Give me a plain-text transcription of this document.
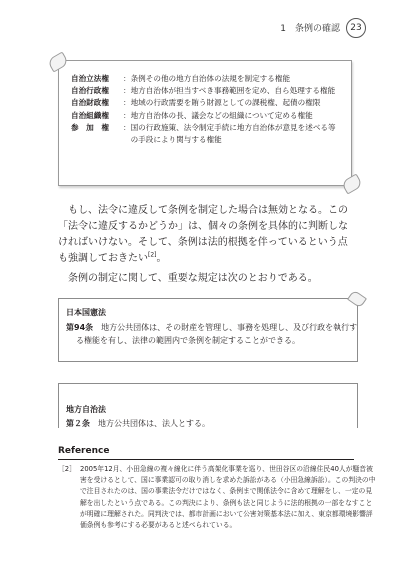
1　条例の確認	23
自治立法権	： 条例その他の地方自治体の法規を制定する権能
自治行政権	： 地方自治体が担当すべき事務範囲を定め、自ら処理する権能
自治財政権	： 地域の行政需要を賄う財源としての課税権、起債の権限
自治組織権	： 地方自治体の長、議会などの組織について定める権能
参　加　権	： 国の行政施策、法令制定手続に地方自治体が意見を述べる等の手段により関与する権能

もし、法令に違反して条例を制定した場合は無効となる。この「法令に違反するかどうか」は、個々の条例を具体的に判断しなければいけない。そして、条例は法的根拠を伴っているという点も強調しておきたい[2]。

条例の制定に関して、重要な規定は次のとおりである。

日本国憲法
第94条　 地方公共団体は、その財産を管理し、事務を処理し、及び行政を執行する権能を有し、法律の範囲内で条例を制定することができる。
地方自治法
第２条　 地方公共団体は、法人とする。
Reference
［2］ 2005年12月、小田急線の複々線化に伴う高架化事業を巡り、世田谷区の沿線住民40人が騒音被害を受けるとして、国に事業認可の取り消しを求めた訴訟がある（小田急線訴訟）。この判決の中で注目されたのは、国の事業法令だけではなく、条例まで関係法令に含めて理解をし、一定の見解を出したという点である。この判決により、条例も法と同じように法的根拠の一部をなすことが明確に理解された。同判決では、都市計画において公害対策基本法に加え、東京都環境影響評価条例も参考にする必要があると述べられている。
